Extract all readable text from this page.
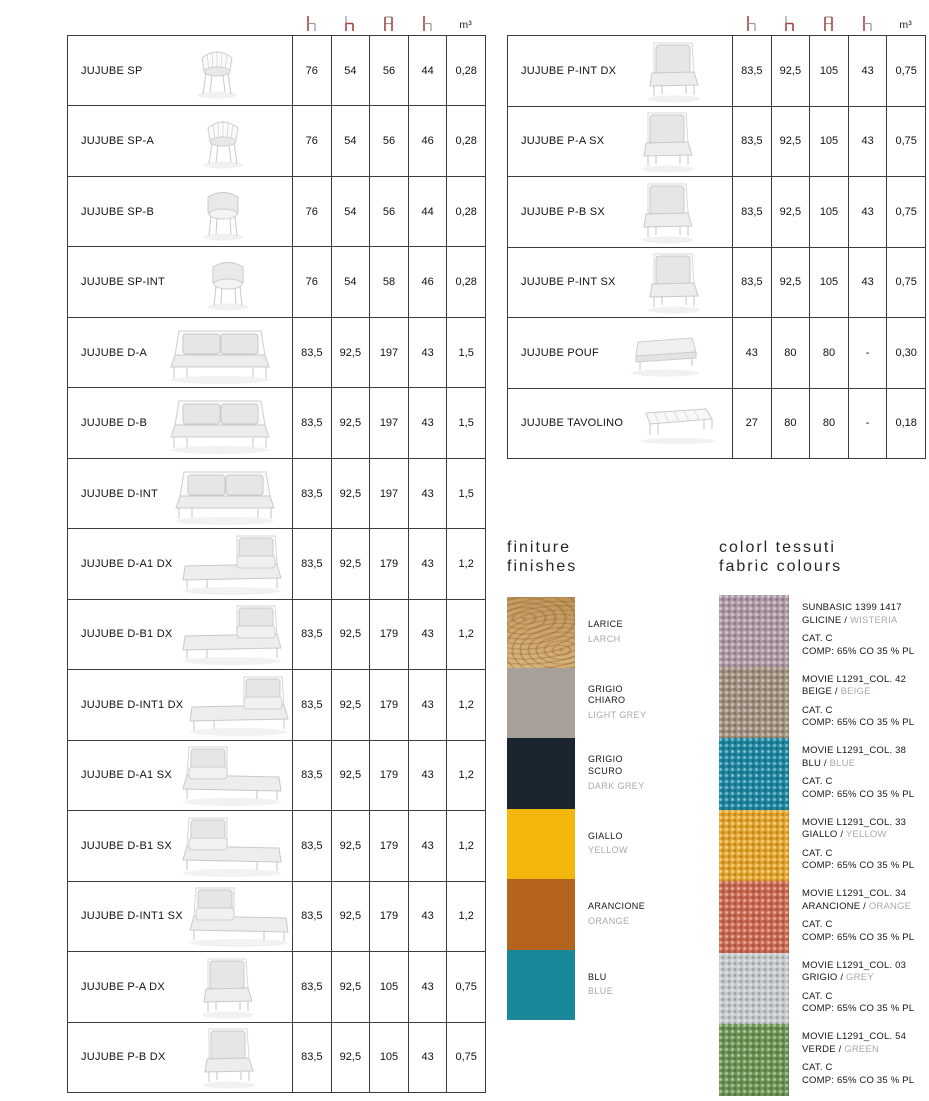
m³	m³
JUJUBE SP	76 54 56 44 0,28
JUJUBE SP-A	76 54 56 46 0,28
JUJUBE SP-B	76 54 56 44 0,28
JUJUBE SP-INT	76 54 58 46 0,28
JUJUBE D-A	83,5 92,5 197 43 1,5
JUJUBE D-B	83,5 92,5 197 43 1,5
JUJUBE D-INT	83,5 92,5 197 43 1,5
JUJUBE D-A1 DX	83,5 92,5 179 43 1,2
JUJUBE D-B1 DX	83,5 92,5 179 43 1,2
JUJUBE D-INT1 DX	83,5 92,5 179 43 1,2
JUJUBE D-A1 SX	83,5 92,5 179 43 1,2
JUJUBE D-B1 SX	83,5 92,5 179 43 1,2
JUJUBE D-INT1 SX	83,5 92,5 179 43 1,2
JUJUBE P-A DX	83,5 92,5 105 43 0,75
JUJUBE P-B DX	83,5 92,5 105 43 0,75
JUJUBE P-INT DX	83,5 92,5 105 43 0,75
JUJUBE P-A SX	83,5 92,5 105 43 0,75
JUJUBE P-B SX	83,5 92,5 105 43 0,75
JUJUBE P-INT SX	83,5 92,5 105 43 0,75
JUJUBE POUF	43 80 80	- 0,30
JUJUBE TAVOLINO	27 80 80	- 0,18
finiture
finishes
LARICE
LARCH
GRIGIO CHIARO
LIGHT GREY
GRIGIO SCURO
DARK GREY
GIALLO
YELLOW
ARANCIONE
ORANGE
BLU
BLUE
colorl tessuti
fabric colours
SUNBASIC 1399 1417
GLICINE / WISTERIA
CAT. C
COMP: 65% CO 35 % PL
MOVIE L1291_COL. 42
BEIGE / BEIGE
CAT. C
COMP: 65% CO 35 % PL
MOVIE L1291_COL. 38
BLU / BLUE
CAT. C
COMP: 65% CO 35 % PL
MOVIE L1291_COL. 33
GIALLO / YELLOW
CAT. C
COMP: 65% CO 35 % PL
MOVIE L1291_COL. 34
ARANCIONE / ORANGE
CAT. C
COMP: 65% CO 35 % PL
MOVIE L1291_COL. 03
GRIGIO / GREY
CAT. C
COMP: 65% CO 35 % PL
MOVIE L1291_COL. 54
VERDE / GREEN
CAT. C
COMP: 65% CO 35 % PL
